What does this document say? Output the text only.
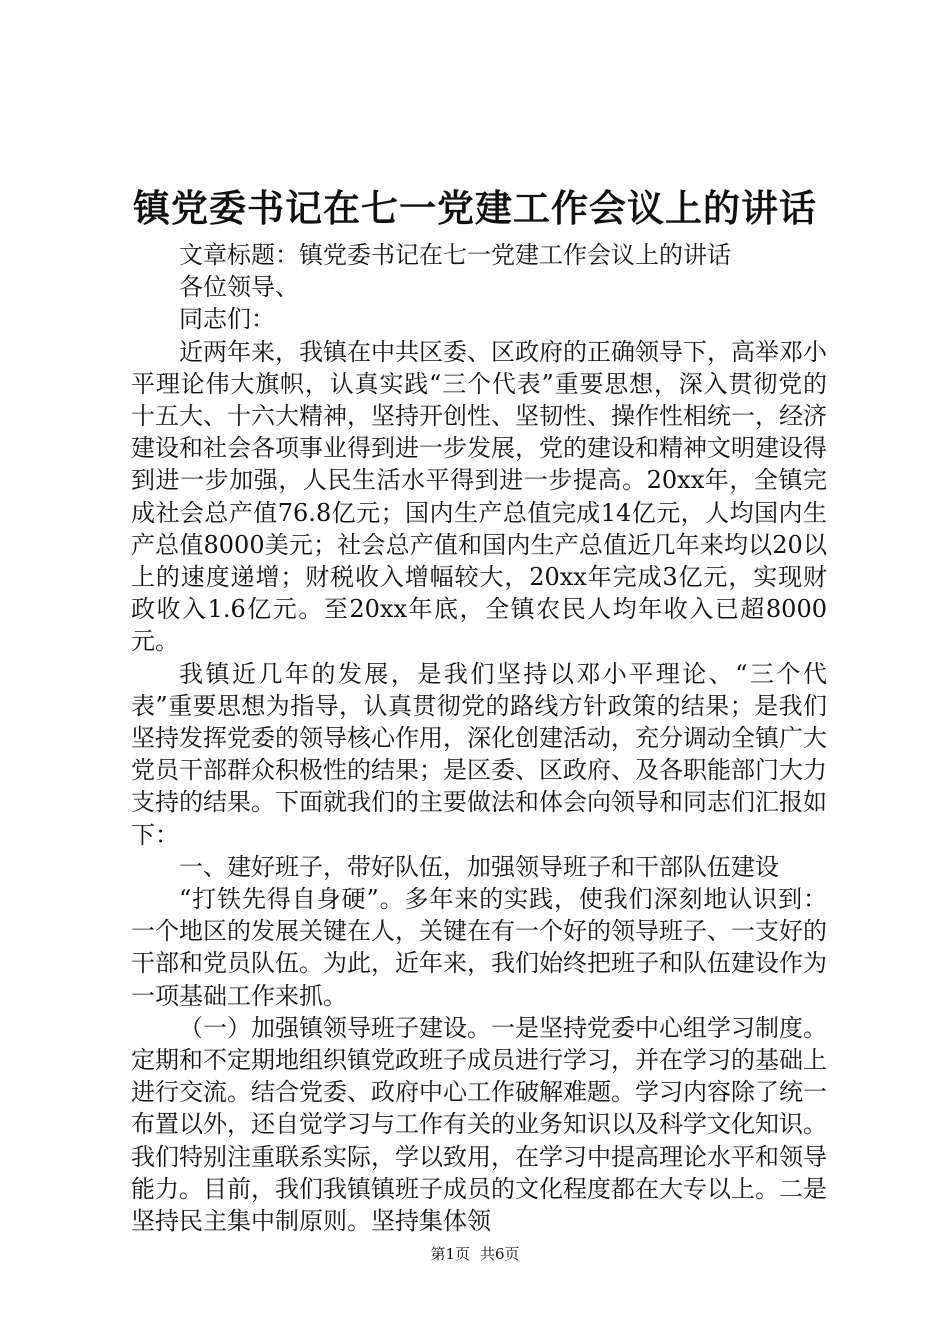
镇党委书记在七一党建工作会议上的讲话

文章标题：镇党委书记在七一党建工作会议上的讲话

各位领导、

同志们：

近两年来，我镇在中共区委、区政府的正确领导下，高举邓小平理论伟大旗帜，认真实践“三个代表”重要思想，深入贯彻党的十五大、十六大精神，坚持开创性、坚韧性、操作性相统一，经济建设和社会各项事业得到进一步发展，党的建设和精神文明建设得到进一步加强，人民生活水平得到进一步提高。20xx年，全镇完成社会总产值76.8亿元；国内生产总值完成14亿元，人均国内生产总值8000美元；社会总产值和国内生产总值近几年来均以20以上的速度递增；财税收入增幅较大，20xx年完成3亿元，实现财政收入1.6亿元。至20xx年底，全镇农民人均年收入已超8000元。

我镇近几年的发展，是我们坚持以邓小平理论、“三个代表”重要思想为指导，认真贯彻党的路线方针政策的结果；是我们坚持发挥党委的领导核心作用，深化创建活动，充分调动全镇广大党员干部群众积极性的结果；是区委、区政府、及各职能部门大力支持的结果。下面就我们的主要做法和体会向领导和同志们汇报如下：

一、建好班子，带好队伍，加强领导班子和干部队伍建设

“打铁先得自身硬”。多年来的实践，使我们深刻地认识到：一个地区的发展关键在人，关键在有一个好的领导班子、一支好的干部和党员队伍。为此，近年来，我们始终把班子和队伍建设作为一项基础工作来抓。

（一）加强镇领导班子建设。一是坚持党委中心组学习制度。定期和不定期地组织镇党政班子成员进行学习，并在学习的基础上进行交流。结合党委、政府中心工作破解难题。学习内容除了统一布置以外，还自觉学习与工作有关的业务知识以及科学文化知识。我们特别注重联系实际，学以致用，在学习中提高理论水平和领导能力。目前，我们我镇镇班子成员的文化程度都在大专以上。二是坚持民主集中制原则。坚持集体领

第1页 共6页
